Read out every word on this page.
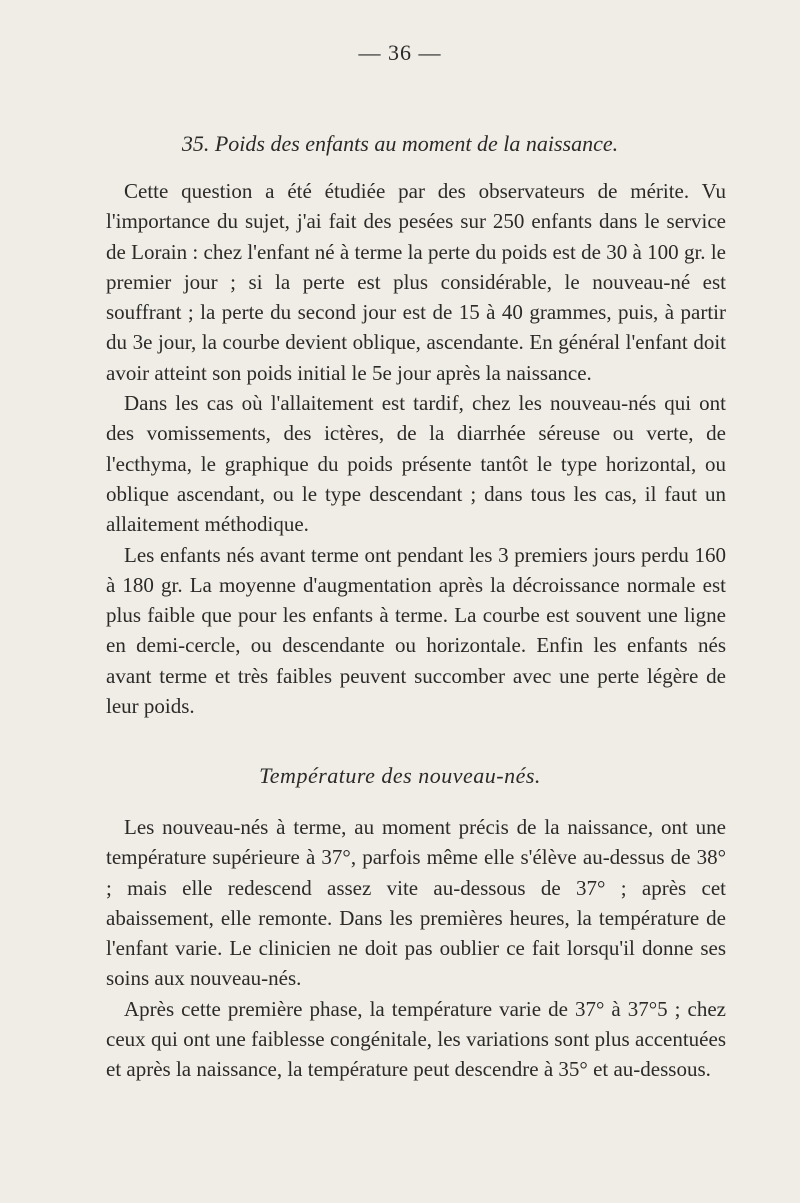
— 36 —
35. Poids des enfants au moment de la naissance.

Cette question a été étudiée par des observateurs de mérite. Vu l'importance du sujet, j'ai fait des pesées sur 250 enfants dans le service de Lorain : chez l'enfant né à terme la perte du poids est de 30 à 100 gr. le premier jour ; si la perte est plus considérable, le nouveau-né est souffrant ; la perte du second jour est de 15 à 40 grammes, puis, à partir du 3e jour, la courbe devient oblique, ascendante. En général l'enfant doit avoir atteint son poids initial le 5e jour après la naissance.

Dans les cas où l'allaitement est tardif, chez les nouveau-nés qui ont des vomissements, des ictères, de la diarrhée séreuse ou verte, de l'ecthyma, le graphique du poids présente tantôt le type horizontal, ou oblique ascendant, ou le type descendant ; dans tous les cas, il faut un allaitement méthodique.

Les enfants nés avant terme ont pendant les 3 premiers jours perdu 160 à 180 gr. La moyenne d'augmentation après la décroissance normale est plus faible que pour les enfants à terme. La courbe est souvent une ligne en demi-cercle, ou descendante ou horizontale. Enfin les enfants nés avant terme et très faibles peuvent succomber avec une perte légère de leur poids.

Température des nouveau-nés.

Les nouveau-nés à terme, au moment précis de la naissance, ont une température supérieure à 37°, parfois même elle s'élève au-dessus de 38° ; mais elle redescend assez vite au-dessous de 37° ; après cet abaissement, elle remonte. Dans les premières heures, la température de l'enfant varie. Le clinicien ne doit pas oublier ce fait lorsqu'il donne ses soins aux nouveau-nés.

Après cette première phase, la température varie de 37° à 37°5 ; chez ceux qui ont une faiblesse congénitale, les variations sont plus accentuées et après la naissance, la température peut descendre à 35° et au-dessous.
